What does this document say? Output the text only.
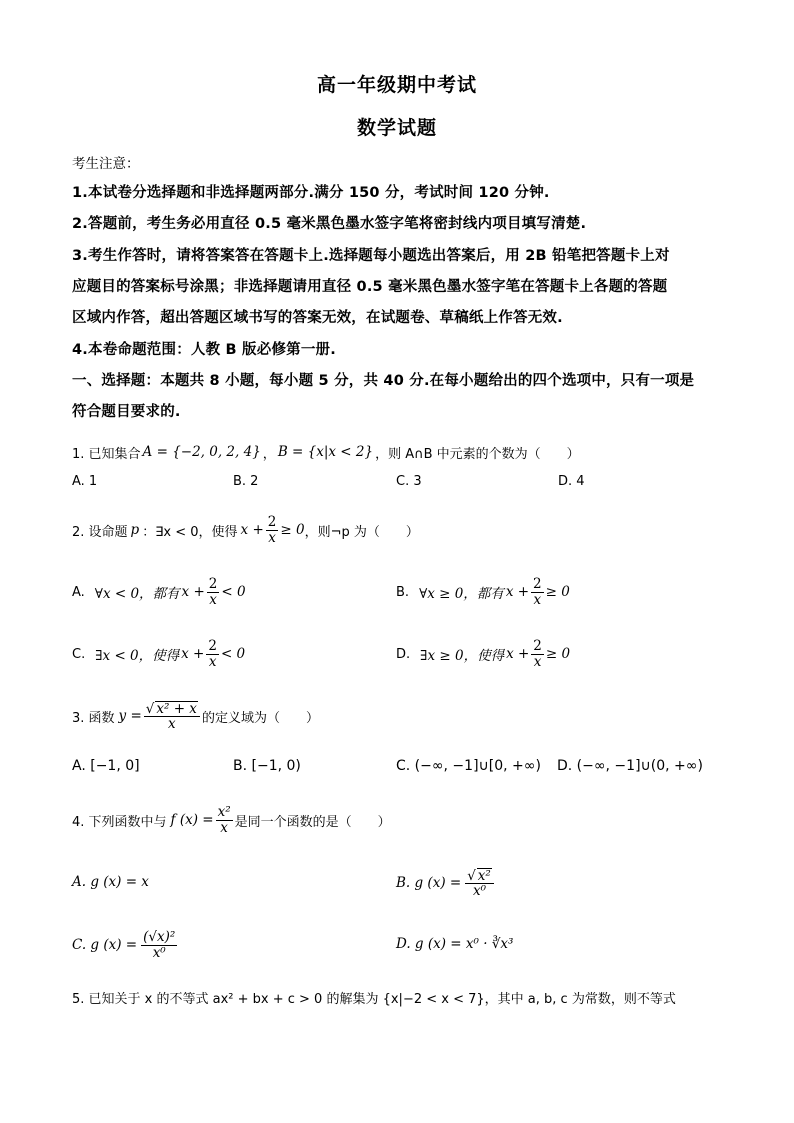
高一年级期中考试
数学试题
考生注意：
1.本试卷分选择题和非选择题两部分.满分 150 分，考试时间 120 分钟.
2.答题前，考生务必用直径 0.5 毫米黑色墨水签字笔将密封线内项目填写清楚.
3.考生作答时，请将答案答在答题卡上.选择题每小题选出答案后，用 2B 铅笔把答题卡上对
应题目的答案标号涂黑；非选择题请用直径 0.5 毫米黑色墨水签字笔在答题卡上各题的答题
区域内作答，超出答题区域书写的答案无效，在试题卷、草稿纸上作答无效.
4.本卷命题范围：人教 B 版必修第一册.
一、选择题：本题共 8 小题，每小题 5 分，共 40 分.在每小题给出的四个选项中，只有一项是
符合题目要求的.
1. 已知集合 A = {−2, 0, 2, 4} ， B = {x|x < 2} ，则 A∩B 中元素的个数为（　　）
A. 1	B. 2	C. 3	D. 4
2. 设命题 p ：∃x < 0，使得 $x + \frac{2}{x} \ge 0$ ，则¬p 为（　　）
A. ∀x < 0，都有 $x + \frac{2}{x} < 0$	B. ∀x ≥ 0，都有 $x + \frac{2}{x} \ge 0$
C. ∃x < 0，使得 $x + \frac{2}{x} < 0$	D. ∃x ≥ 0，使得 $x + \frac{2}{x} \ge 0$
3. 函数 $y = \frac{\text{√ x² + x}}{x}$ 的定义域为（　　）
A. [−1, 0]	B. [−1, 0)	C. (−∞, −1]∪[0, +∞) D. (−∞, −1]∪(0, +∞)
4. 下列函数中与 f $(x) = \frac{\text{x²}}{x}$ 是同一个函数的是（　　）
A. g (x) = x	B. g $(x) = \frac{\text{√ x²}}{\text{x⁰}}$
C. g $(x) = \frac{\text{(√x)²}}{\text{x⁰}}$	D. g (x) = x⁰ · ∛x³
5. 已知关于 x 的不等式 ax² + bx + c > 0 的解集为 {x|−2 < x < 7}，其中 a, b, c 为常数，则不等式
